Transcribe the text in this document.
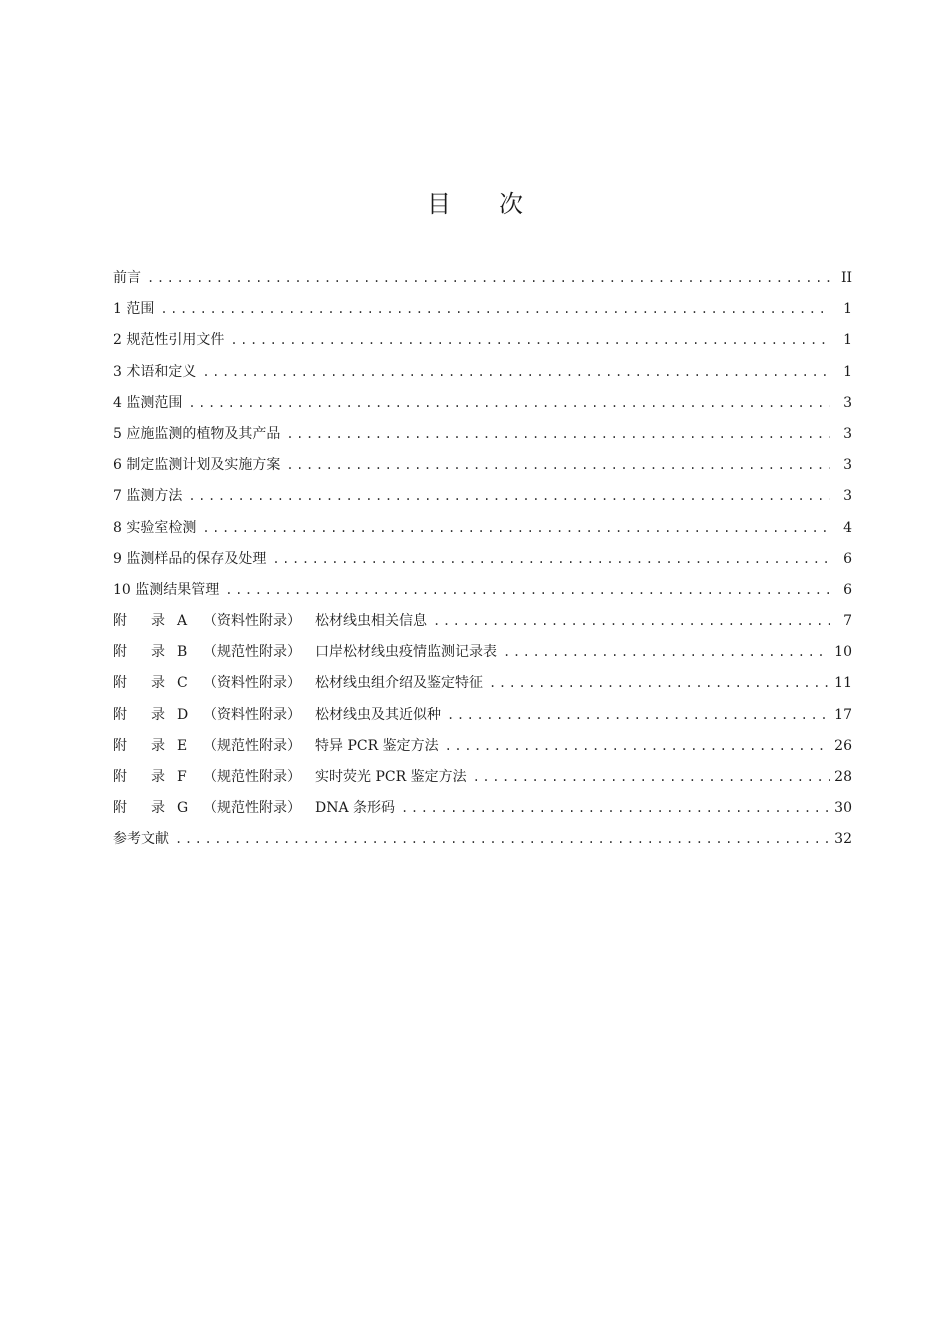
目 次
前言 .....	II
1 范围 .....	1
2 规范性引用文件 .....	1
3 术语和定义 .....	1
4 监测范围 .....	3
5 应施监测的植物及其产品 .....	3
6 制定监测计划及实施方案 .....	3
7 监测方法 .....	3
8 实验室检测 .....	4
9 监测样品的保存及处理 .....	6
10 监测结果管理 .....	6
附 录 A （资料性附录） 松材线虫相关信息 .....	7
附 录 B （规范性附录） 口岸松材线虫疫情监测记录表 .....	10
附 录 C （资料性附录） 松材线虫组介绍及鉴定特征 .....	11
附 录 D （资料性附录） 松材线虫及其近似种 .....	17
附 录 E （规范性附录） 特异 PCR 鉴定方法 .....	26
附 录 F （规范性附录） 实时荧光 PCR 鉴定方法 .....	28
附 录 G （规范性附录） DNA 条形码 .....	30
参考文献 .....	32
